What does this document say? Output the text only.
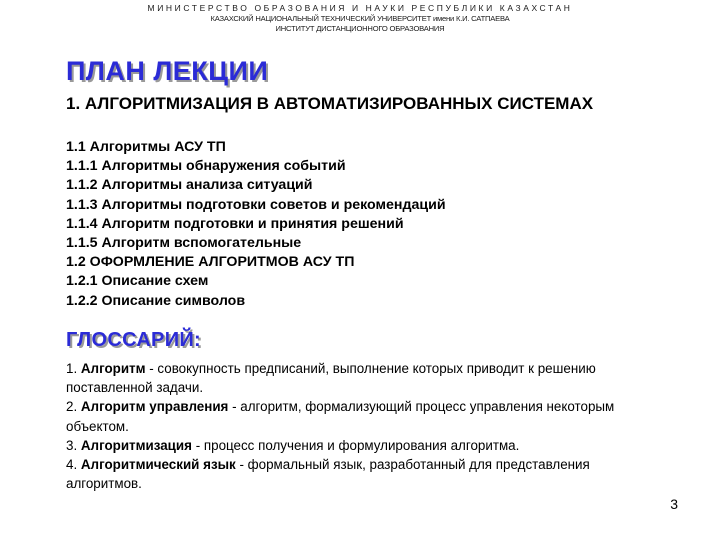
МИНИСТЕРСТВО ОБРАЗОВАНИЯ И НАУКИ РЕСПУБЛИКИ КАЗАХСТАН
КАЗАХСКИЙ НАЦИОНАЛЬНЫЙ ТЕХНИЧЕСКИЙ УНИВЕРСИТЕТ имени К.И. САТПАЕВА
ИНСТИТУТ ДИСТАНЦИОННОГО ОБРАЗОВАНИЯ
ПЛАН ЛЕКЦИИ
1. АЛГОРИТМИЗАЦИЯ В АВТОМАТИЗИРОВАННЫХ СИСТЕМАХ
1.1 Алгоритмы АСУ ТП
1.1.1 Алгоритмы обнаружения событий
1.1.2 Алгоритмы анализа ситуаций
1.1.3 Алгоритмы подготовки советов и рекомендаций
1.1.4 Алгоритм подготовки и принятия решений
1.1.5 Алгоритм вспомогательные
1.2 ОФОРМЛЕНИЕ АЛГОРИТМОВ АСУ ТП
1.2.1 Описание схем
1.2.2 Описание символов
ГЛОССАРИЙ:
1. Алгоритм - совокупность предписаний, выполнение которых приводит к решению поставленной задачи.
2. Алгоритм управления - алгоритм, формализующий процесс управления некоторым объектом.
3. Алгоритмизация - процесс получения и формулирования алгоритма.
4. Алгоритмический язык - формальный язык, разработанный для представления алгоритмов.
3
